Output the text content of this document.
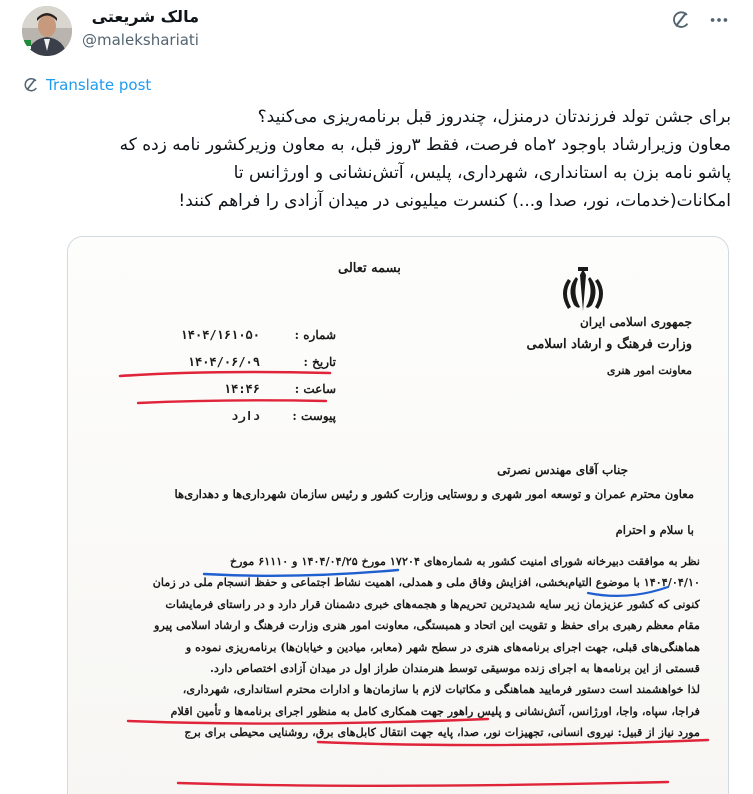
مالک شریعتی
@malekshariati
Translate post

برای جشن تولد فرزندتان درمنزل، چندروز قبل برنامه‌ریزی می‌کنید؟

معاون وزیرارشاد باوجود ۲ماه فرصت، فقط ۳روز قبل، به معاون وزیرکشور نامه زده که

پاشو نامه بزن به استانداری، شهرداری، پلیس، آتش‌نشانی و اورژانس تا

امکانات(خدمات، نور، صدا و...) کنسرت میلیونی در میدان آزادی را فراهم کنند!

بسمه تعالی
جمهوری اسلامی ایران
وزارت فرهنگ و ارشاد اسلامی
معاونت امور هنری
شماره :
۱۴۰۴/۱۶۱۰۵۰
تاریخ :
۱۴۰۴/۰۶/۰۹
ساعت :
۱۴:۴۶
پیوست :
دارد
جناب آقای مهندس نصرتی
معاون محترم عمران و توسعه امور شهری و روستایی وزارت کشور و رئیس سازمان شهرداری‌ها و دهداری‌ها
با سلام و احترام
نظر به موافقت دبیرخانه شورای امنیت کشور به شماره‌های ۱۷۲۰۴ مورخ ۱۴۰۴/۰۴/۲۵ و ۶۱۱۱۰ مورخ
۱۴۰۴/۰۴/۱۰ با موضوع التیام‌بخشی، افزایش وفاق ملی و همدلی، اهمیت نشاط اجتماعی و حفظ انسجام ملی در زمان
کنونی که کشور عزیزمان زیر سایه شدیدترین تحریم‌ها و هجمه‌های خبری دشمنان قرار دارد و در راستای فرمایشات
مقام معظم رهبری برای حفظ و تقویت این اتحاد و همبستگی، معاونت امور هنری وزارت فرهنگ و ارشاد اسلامی پیرو
هماهنگی‌های قبلی، جهت اجرای برنامه‌های هنری در سطح شهر (معابر، میادین و خیابان‌ها) برنامه‌ریزی نموده و
قسمتی از این برنامه‌ها به اجرای زنده موسیقی توسط هنرمندان طراز اول در میدان آزادی اختصاص دارد.
لذا خواهشمند است دستور فرمایید هماهنگی و مکاتبات لازم با سازمان‌ها و ادارات محترم استانداری، شهرداری،
فراجا، سپاه، واجا، اورژانس، آتش‌نشانی و پلیس راهور جهت همکاری کامل به منظور اجرای برنامه‌ها و تأمین اقلام
مورد نیاز از قبیل: نیروی انسانی، تجهیزات نور، صدا، پایه جهت انتقال کابل‌های برق، روشنایی محیطی برای برج
